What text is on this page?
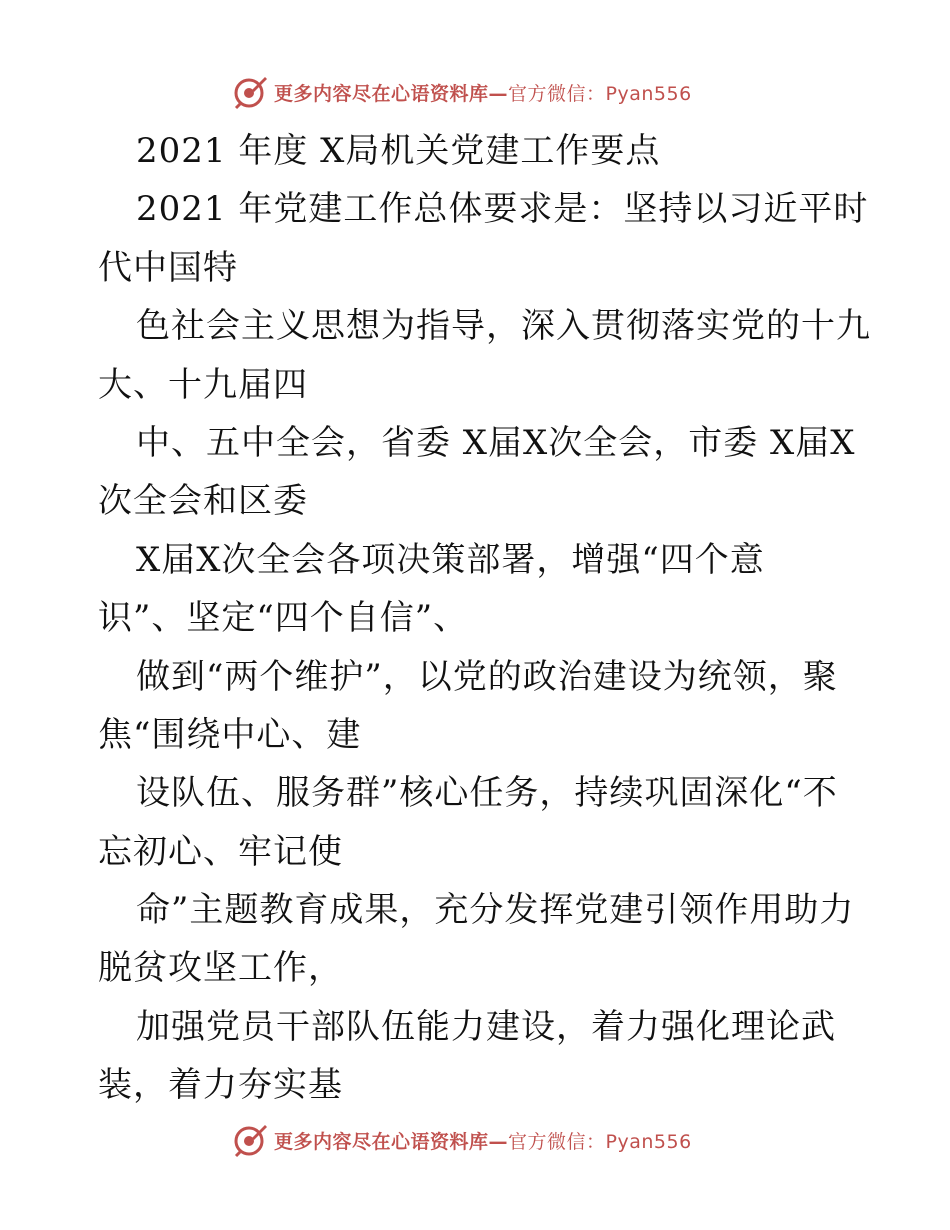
更多内容尽在心语资料库— 官方微信：Pyan556
2021 年度 X局机关党建工作要点
2021 年党建工作总体要求是：坚持以习近平时
代中国特
色社会主义思想为指导，深入贯彻落实党的十九
大、十九届四
中、五中全会，省委 X届X次全会，市委 X届X
次全会和区委
X届X次全会各项决策部署，增强“四个意
识”、坚定“四个自信”、
做到“两个维护”，以党的政治建设为统领，聚
焦“围绕中心、建
设队伍、服务群”核心任务，持续巩固深化“不
忘初心、牢记使
命”主题教育成果，充分发挥党建引领作用助力
脱贫攻坚工作，
加强党员干部队伍能力建设，着力强化理论武
装，着力夯实基
更多内容尽在心语资料库— 官方微信：Pyan556
